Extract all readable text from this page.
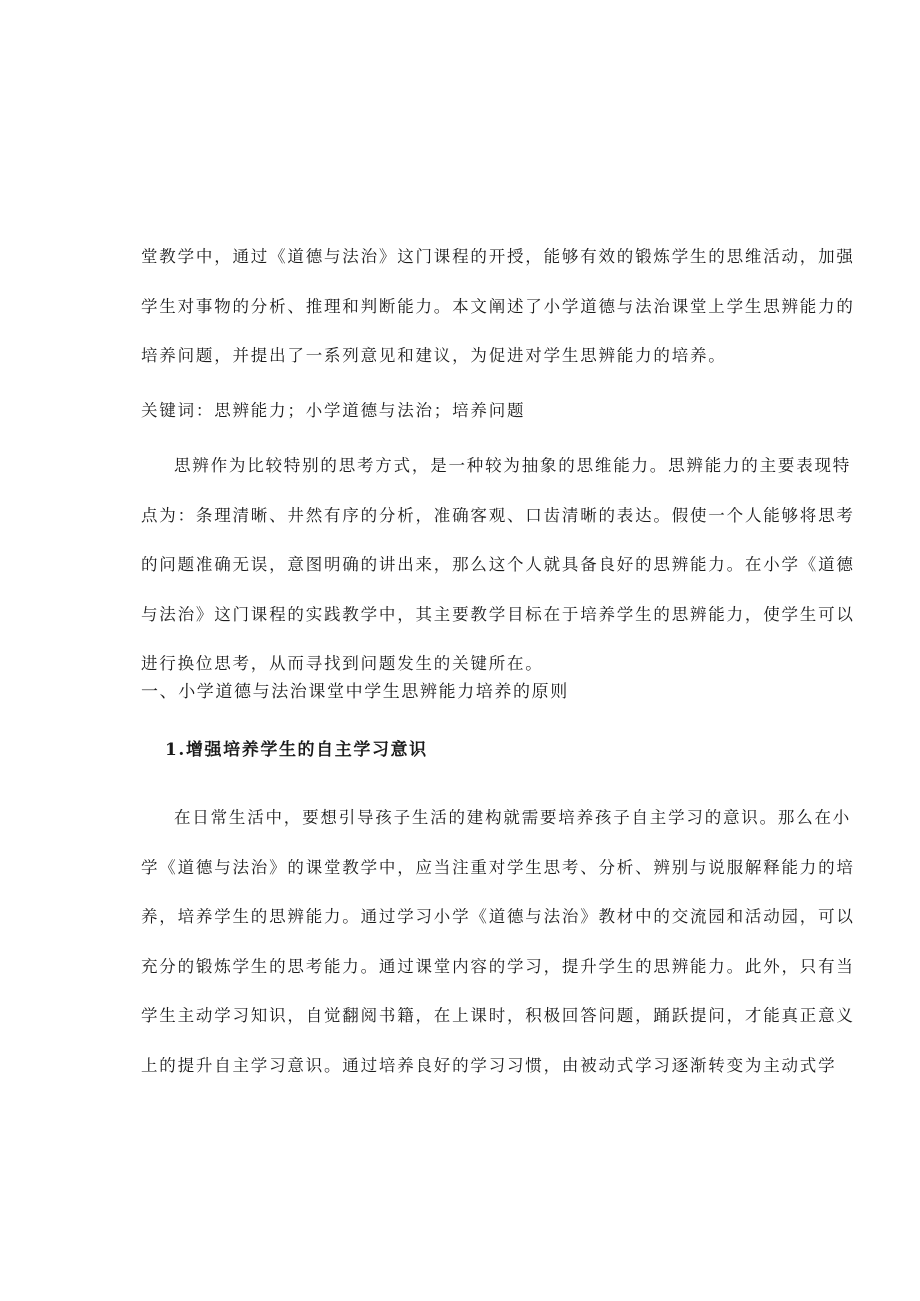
堂教学中，通过《道德与法治》这门课程的开授，能够有效的锻炼学生的思维活动，加强
学生对事物的分析、推理和判断能力。本文阐述了小学道德与法治课堂上学生思辨能力的
培养问题，并提出了一系列意见和建议，为促进对学生思辨能力的培养。

关键词：思辨能力；小学道德与法治；培养问题

思辨作为比较特别的思考方式，是一种较为抽象的思维能力。思辨能力的主要表现特
点为：条理清晰、井然有序的分析，准确客观、口齿清晰的表达。假使一个人能够将思考
的问题准确无误，意图明确的讲出来，那么这个人就具备良好的思辨能力。在小学《道德
与法治》这门课程的实践教学中，其主要教学目标在于培养学生的思辨能力，使学生可以
进行换位思考，从而寻找到问题发生的关键所在。

一、小学道德与法治课堂中学生思辨能力培养的原则
1.增强培养学生的自主学习意识

在日常生活中，要想引导孩子生活的建构就需要培养孩子自主学习的意识。那么在小
学《道德与法治》的课堂教学中，应当注重对学生思考、分析、辨别与说服解释能力的培
养，培养学生的思辨能力。通过学习小学《道德与法治》教材中的交流园和活动园，可以
充分的锻炼学生的思考能力。通过课堂内容的学习，提升学生的思辨能力。此外，只有当
学生主动学习知识，自觉翻阅书籍，在上课时，积极回答问题，踊跃提问，才能真正意义
上的提升自主学习意识。通过培养良好的学习习惯，由被动式学习逐渐转变为主动式学
